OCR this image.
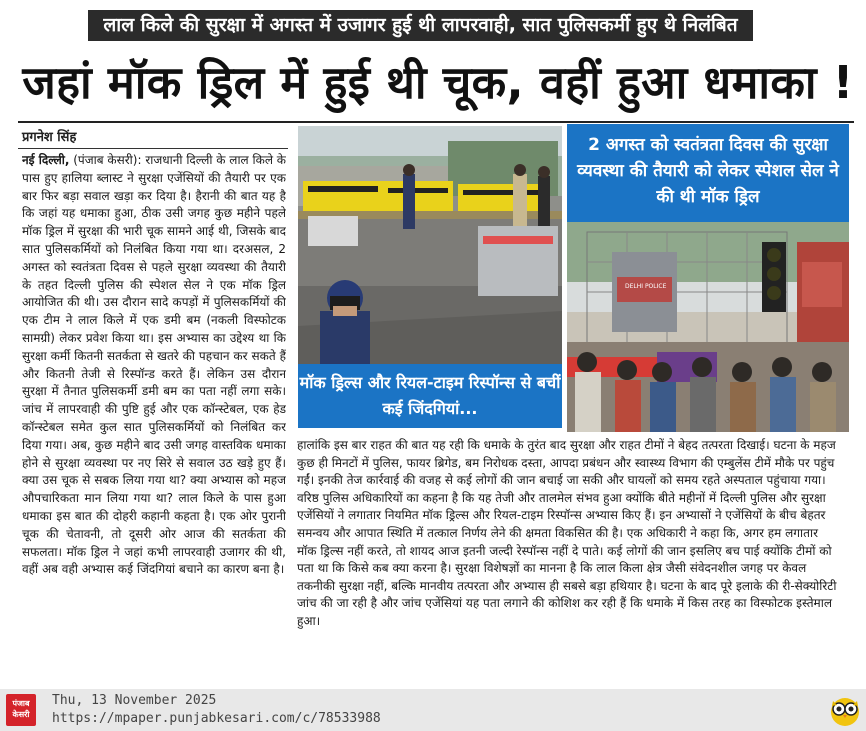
लाल किले की सुरक्षा में अगस्त में उजागर हुई थी लापरवाही, सात पुलिसकर्मी हुए थे निलंबित
जहां मॉक ड्रिल में हुई थी चूक, वहीं हुआ धमाका !
प्रगनेश सिंह
नई दिल्ली, (पंजाब केसरी): राजधानी दिल्ली के लाल किले के पास हुए हालिया ब्लास्ट ने सुरक्षा एजेंसियों की तैयारी पर एक बार फिर बड़ा सवाल खड़ा कर दिया है। हैरानी की बात यह है कि जहां यह धमाका हुआ, ठीक उसी जगह कुछ महीने पहले मॉक ड्रिल में सुरक्षा की भारी चूक सामने आई थी, जिसके बाद सात पुलिसकर्मियों को निलंबित किया गया था। दरअसल, 2 अगस्त को स्वतंत्रता दिवस से पहले सुरक्षा व्यवस्था की तैयारी के तहत दिल्ली पुलिस की स्पेशल सेल ने एक मॉक ड्रिल आयोजित की थी। उस दौरान सादे कपड़ों में पुलिसकर्मियों की एक टीम ने लाल किले में एक डमी बम (नकली विस्फोटक सामग्री) लेकर प्रवेश किया था। इस अभ्यास का उद्देश्य था कि सुरक्षा कर्मी कितनी सतर्कता से खतरे की पहचान कर सकते हैं और कितनी तेजी से रिस्पॉन्ड करते हैं। लेकिन उस दौरान सुरक्षा में तैनात पुलिसकर्मी डमी बम का पता नहीं लगा सके। जांच में लापरवाही की पुष्टि हुई और एक कॉन्स्टेबल, एक हेड कॉन्स्टेबल समेत कुल सात पुलिसकर्मियों को निलंबित कर दिया गया। अब, कुछ महीने बाद उसी जगह वास्तविक धमाका होने से सुरक्षा व्यवस्था पर नए सिरे से सवाल उठ खड़े हुए हैं। क्या उस चूक से सबक लिया गया था? क्या अभ्यास को महज औपचारिकता मान लिया गया था? लाल किले के पास हुआ धमाका इस बात की दोहरी कहानी कहता है। एक ओर पुरानी चूक की चेतावनी, तो दूसरी ओर आज की सतर्कता की सफलता। मॉक ड्रिल ने जहां कभी लापरवाही उजागर की थी, वहीं अब वही अभ्यास कई जिंदगियां बचाने का कारण बना है।
मॉक ड्रिल्स और रियल-टाइम रिस्पॉन्स से बचीं कई जिंदगियां...
2 अगस्त को स्वतंत्रता दिवस की सुरक्षा व्यवस्था की तैयारी को लेकर स्पेशल सेल ने की थी मॉक ड्रिल
DELHI POLICE
हालांकि इस बार राहत की बात यह रही कि धमाके के तुरंत बाद सुरक्षा और राहत टीमों ने बेहद तत्परता दिखाई। घटना के महज कुछ ही मिनटों में पुलिस, फायर ब्रिगेड, बम निरोधक दस्ता, आपदा प्रबंधन और स्वास्थ्य विभाग की एम्बुलेंस टीमें मौके पर पहुंच गईं। इनकी तेज कार्रवाई की वजह से कई लोगों की जान बचाई जा सकी और घायलों को समय रहते अस्पताल पहुंचाया गया। वरिष्ठ पुलिस अधिकारियों का कहना है कि यह तेजी और तालमेल संभव हुआ क्योंकि बीते महीनों में दिल्ली पुलिस और सुरक्षा एजेंसियों ने लगातार नियमित मॉक ड्रिल्स और रियल-टाइम रिस्पॉन्स अभ्यास किए हैं। इन अभ्यासों ने एजेंसियों के बीच बेहतर समन्वय और आपात स्थिति में तत्काल निर्णय लेने की क्षमता विकसित की है। एक अधिकारी ने कहा कि, अगर हम लगातार मॉक ड्रिल्स नहीं करते, तो शायद आज इतनी जल्दी रेस्पॉन्स नहीं दे पाते। कई लोगों की जान इसलिए बच पाई क्योंकि टीमों को पता था कि किसे कब क्या करना है। सुरक्षा विशेषज्ञों का मानना है कि लाल किला क्षेत्र जैसी संवेदनशील जगह पर केवल तकनीकी सुरक्षा नहीं, बल्कि मानवीय तत्परता और अभ्यास ही सबसे बड़ा हथियार है। घटना के बाद पूरे इलाके की री-सेक्योरिटी जांच की जा रही है और जांच एजेंसियां यह पता लगाने की कोशिश कर रही हैं कि धमाके में किस तरह का विस्फोटक इस्तेमाल हुआ।
पंजाब केसरी
Thu, 13 November 2025
https://mpaper.punjabkesari.com/c/78533988
